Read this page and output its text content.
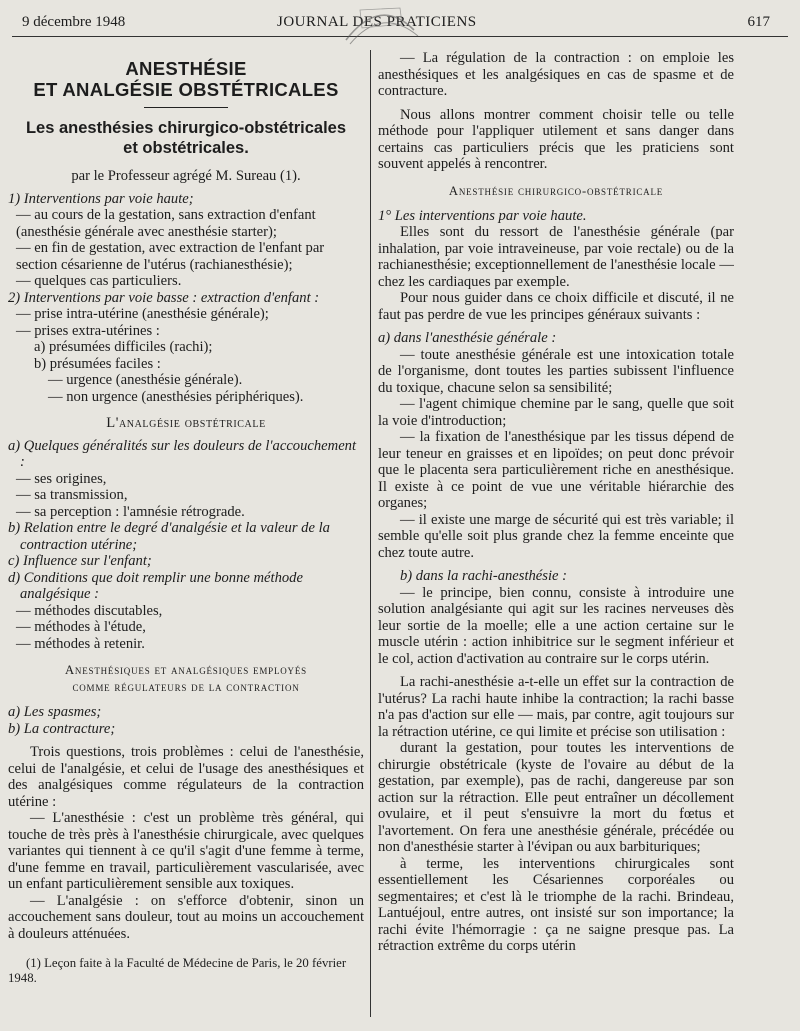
9 décembre 1948	JOURNAL DES PRATICIENS	617
ANESTHÉSIE
ET ANALGÉSIE OBSTÉTRICALES
Les anesthésies chirurgico-obstétricales
et obstétricales.

par le Professeur agrégé M. Sureau (1).

1) Interventions par voie haute;

— au cours de la gestation, sans extraction d'enfant (anesthésie générale avec anesthésie starter);

— en fin de gestation, avec extraction de l'enfant par section césarienne de l'utérus (rachianesthésie);

— quelques cas particuliers.

2) Interventions par voie basse : extraction d'enfant :

— prise intra-utérine (anesthésie générale);

— prises extra-utérines :

a) présumées difficiles (rachi);

b) présumées faciles :

— urgence (anesthésie générale).

— non urgence (anesthésies périphériques).

L'analgésie obstétricale

a) Quelques généralités sur les douleurs de l'accouchement :

— ses origines,

— sa transmission,

— sa perception : l'amnésie rétrograde.

b) Relation entre le degré d'analgésie et la valeur de la contraction utérine;

c) Influence sur l'enfant;

d) Conditions que doit remplir une bonne méthode analgésique :

— méthodes discutables,

— méthodes à l'étude,

— méthodes à retenir.

Anesthésiques et analgésiques employés
comme régulateurs de la contraction

a) Les spasmes;

b) La contracture;

Trois questions, trois problèmes : celui de l'anesthésie, celui de l'analgésie, et celui de l'usage des anesthésiques et des analgésiques comme régulateurs de la contraction utérine :

— L'anesthésie : c'est un problème très général, qui touche de très près à l'anesthésie chirurgicale, avec quelques variantes qui tiennent à ce qu'il s'agit d'une femme à terme, d'une femme en travail, particulièrement vascularisée, avec un enfant particulièrement sensible aux toxiques.

— L'analgésie : on s'efforce d'obtenir, sinon un accouchement sans douleur, tout au moins un accouchement à douleurs atténuées.

(1) Leçon faite à la Faculté de Médecine de Paris, le 20 février 1948.

— La régulation de la contraction : on emploie les anesthésiques et les analgésiques en cas de spasme et de contracture.

Nous allons montrer comment choisir telle ou telle méthode pour l'appliquer utilement et sans danger dans certains cas particuliers précis que les praticiens sont souvent appelés à rencontrer.

Anesthésie chirurgico-obstétricale

1° Les interventions par voie haute.

Elles sont du ressort de l'anesthésie générale (par inhalation, par voie intraveineuse, par voie rectale) ou de la rachianesthésie; exceptionnellement de l'anesthésie locale — chez les cardiaques par exemple.

Pour nous guider dans ce choix difficile et discuté, il ne faut pas perdre de vue les principes généraux suivants :

a) dans l'anesthésie générale :

— toute anesthésie générale est une intoxication totale de l'organisme, dont toutes les parties subissent l'influence du toxique, chacune selon sa sensibilité;

— l'agent chimique chemine par le sang, quelle que soit la voie d'introduction;

— la fixation de l'anesthésique par les tissus dépend de leur teneur en graisses et en lipoïdes; on peut donc prévoir que le placenta sera particulièrement riche en anesthésique. Il existe à ce point de vue une véritable hiérarchie des organes;

— il existe une marge de sécurité qui est très variable; il semble qu'elle soit plus grande chez la femme enceinte que chez toute autre.

b) dans la rachi-anesthésie :

— le principe, bien connu, consiste à introduire une solution analgésiante qui agit sur les racines nerveuses dès leur sortie de la moelle; elle a une action certaine sur le muscle utérin : action inhibitrice sur le segment inférieur et le col, action d'activation au contraire sur le corps utérin.

La rachi-anesthésie a-t-elle un effet sur la contraction de l'utérus? La rachi haute inhibe la contraction; la rachi basse n'a pas d'action sur elle — mais, par contre, agit toujours sur la rétraction utérine, ce qui limite et précise son utilisation :

durant la gestation, pour toutes les interventions de chirurgie obstétricale (kyste de l'ovaire au début de la gestation, par exemple), pas de rachi, dangereuse par son action sur la rétraction. Elle peut entraîner un décollement ovulaire, et il peut s'ensuivre la mort du fœtus et l'avortement. On fera une anesthésie générale, précédée ou non d'anesthésie starter à l'évipan ou aux barbituriques;

à terme, les interventions chirurgicales sont essentiellement les Césariennes corporéales ou segmentaires; et c'est là le triomphe de la rachi. Brindeau, Lantuéjoul, entre autres, ont insisté sur son importance; la rachi évite l'hémorragie : ça ne saigne presque pas. La rétraction extrême du corps utérin
